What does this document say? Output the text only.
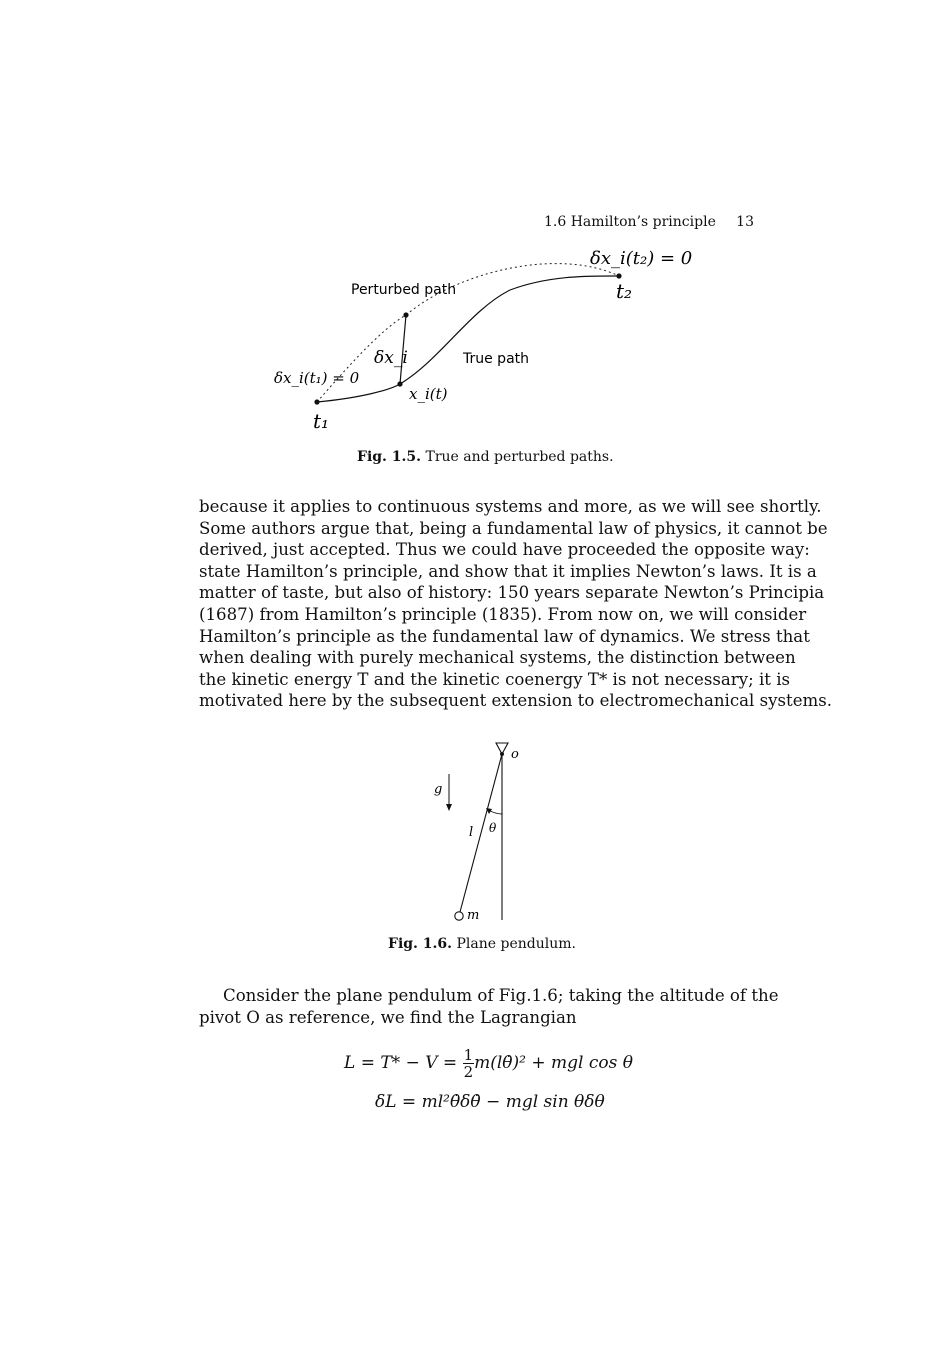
1.6 Hamilton’s principle 13
δx_i(t₂) = 0
t₂
Perturbed path
δx_i	True path
δx_i(t₁) = 0
x_i(t)
t₁
Fig. 1.5. True and perturbed paths.
because it applies to continuous systems and more, as we will see shortly.
Some authors argue that, being a fundamental law of physics, it cannot be
derived, just accepted. Thus we could have proceeded the opposite way:
state Hamilton’s principle, and show that it implies Newton’s laws. It is a
matter of taste, but also of history: 150 years separate Newton’s Principia
(1687) from Hamilton’s principle (1835). From now on, we will consider
Hamilton’s principle as the fundamental law of dynamics. We stress that
when dealing with purely mechanical systems, the distinction between
the kinetic energy T and the kinetic coenergy T* is not necessary; it is
motivated here by the subsequent extension to electromechanical systems.
o
g
l θ
m
Fig. 1.6. Plane pendulum.
Consider the plane pendulum of Fig.1.6; taking the altitude of the
pivot O as reference, we find the Lagrangian
$L = T* - V = \frac{1}{2}$ m(lθ̇)² + mgl cos θ
δL = ml²θ̇δθ̇ − mgl sin θδθ
